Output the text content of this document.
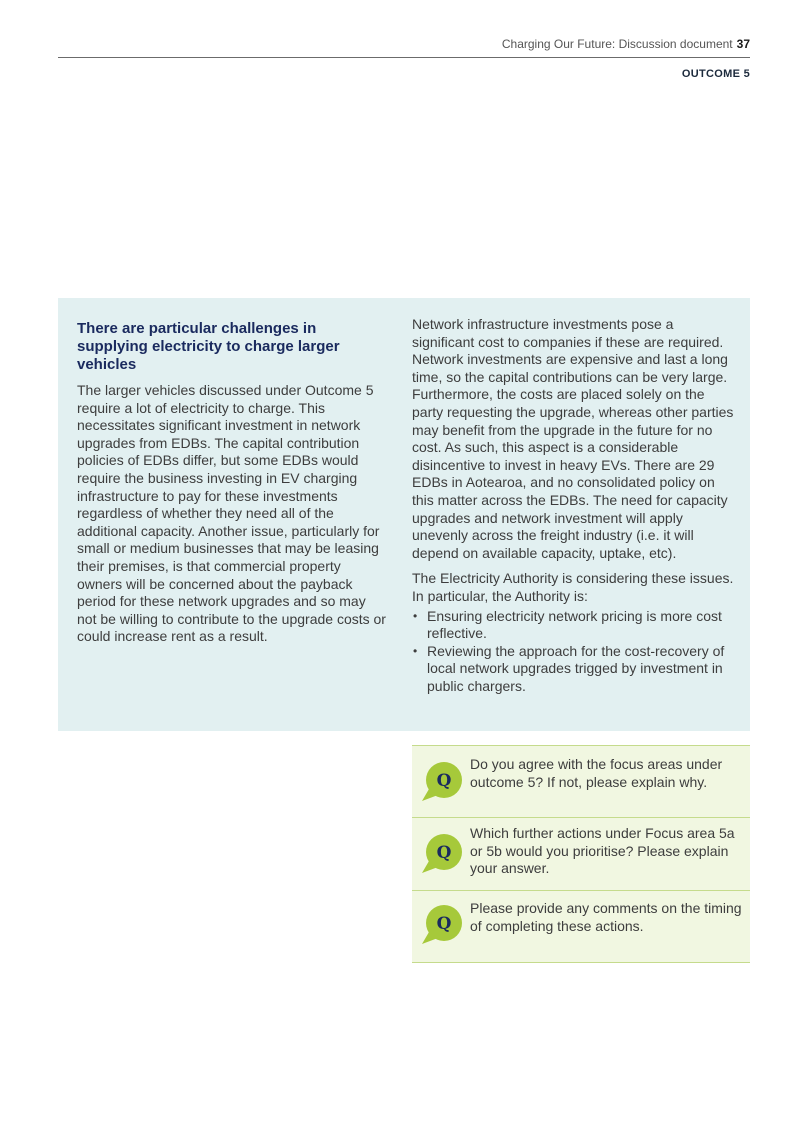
Charging Our Future: Discussion document 37
OUTCOME 5
There are particular challenges in supplying electricity to charge larger vehicles

The larger vehicles discussed under Outcome 5 require a lot of electricity to charge. This necessitates significant investment in network upgrades from EDBs. The capital contribution policies of EDBs differ, but some EDBs would require the business investing in EV charging infrastructure to pay for these investments regardless of whether they need all of the additional capacity. Another issue, particularly for small or medium businesses that may be leasing their premises, is that commercial property owners will be concerned about the payback period for these network upgrades and so may not be willing to contribute to the upgrade costs or could increase rent as a result.

Network infrastructure investments pose a significant cost to companies if these are required. Network investments are expensive and last a long time, so the capital contributions can be very large. Furthermore, the costs are placed solely on the party requesting the upgrade, whereas other parties may benefit from the upgrade in the future for no cost. As such, this aspect is a considerable disincentive to invest in heavy EVs. There are 29 EDBs in Aotearoa, and no consolidated policy on this matter across the EDBs. The need for capacity upgrades and network investment will apply unevenly across the freight industry (i.e. it will depend on available capacity, uptake, etc).

The Electricity Authority is considering these issues. In particular, the Authority is:

• Ensuring electricity network pricing is more cost reflective.
• Reviewing the approach for the cost-recovery of local network upgrades trigged by investment in public chargers.
Q
Do you agree with the focus areas under outcome 5? If not, please explain why.
Q
Which further actions under Focus area 5a or 5b would you prioritise? Please explain your answer.
Q
Please provide any comments on the timing of completing these actions.
